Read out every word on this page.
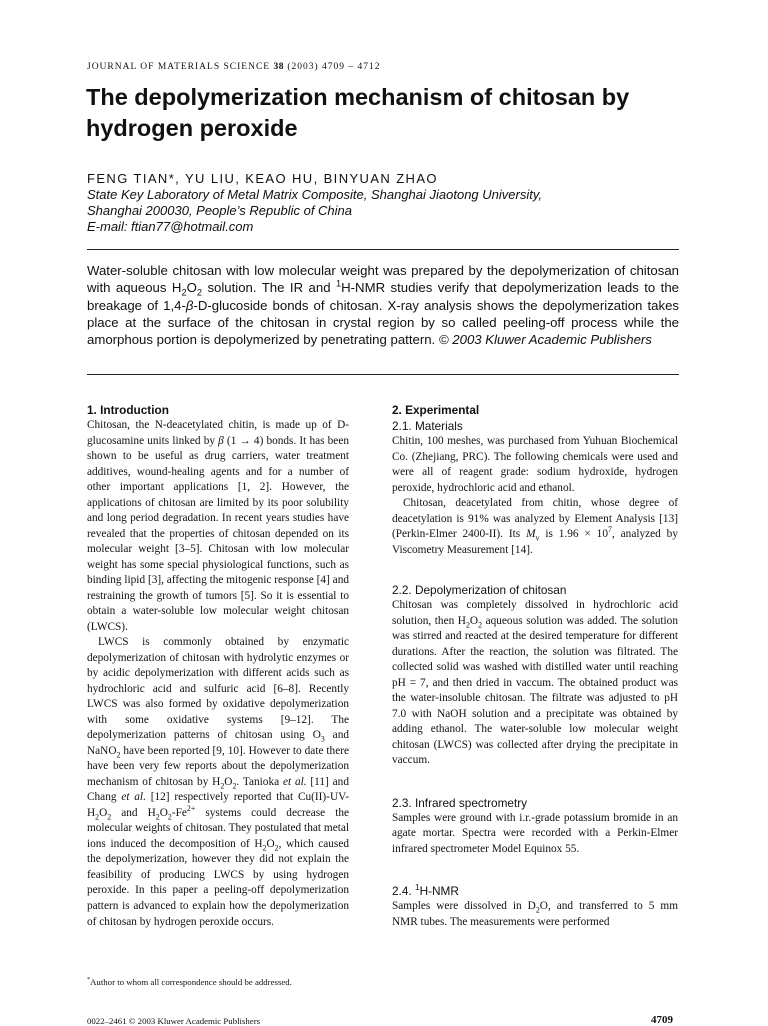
JOURNAL OF MATERIALS SCIENCE 38 (2003) 4709 – 4712
The depolymerization mechanism of chitosan by hydrogen peroxide
FENG TIAN*, YU LIU, KEAO HU, BINYUAN ZHAO
State Key Laboratory of Metal Matrix Composite, Shanghai Jiaotong University,
Shanghai 200030, People’s Republic of China
E-mail: ftian77@hotmail.com

Water-soluble chitosan with low molecular weight was prepared by the depolymerization of chitosan with aqueous $H_2O_2$ solution. The IR and $^1$H-NMR studies verify that depolymerization leads to the breakage of 1,4-β-D-glucoside bonds of chitosan. X-ray analysis shows the depolymerization takes place at the surface of the chitosan in crystal region by so called peeling-off process while the amorphous portion is depolymerized by penetrating pattern. © 2003 Kluwer Academic Publishers

1. Introduction

Chitosan, the N-deacetylated chitin, is made up of D-glucosamine units linked by β (1 → 4) bonds. It has been shown to be useful as drug carriers, water treatment additives, wound-healing agents and for a number of other important applications [1, 2]. However, the applications of chitosan are limited by its poor solubility and long period degradation. In recent years studies have revealed that the properties of chitosan depended on its molecular weight [3–5]. Chitosan with low molecular weight has some special physiological functions, such as binding lipid [3], affecting the mitogenic response [4] and restraining the growth of tumors [5]. So it is essential to obtain a water-soluble low molecular weight chitosan (LWCS).

LWCS is commonly obtained by enzymatic depolymerization of chitosan with hydrolytic enzymes or by acidic depolymerization with different acids such as hydrochloric acid and sulfuric acid [6–8]. Recently LWCS was also formed by oxidative depolymerization with some oxidative systems [9–12]. The depolymerization patterns of chitosan using $O_3$ and NaNO$_2$ have been reported [9, 10]. However to date there have been very few reports about the depolymerization mechanism of chitosan by $H_2O_2$. Tanioka et al. [11] and Chang et al. [12] respectively reported that $Cu(II)-UV-H_2O_2$ and $H_2O_2-Fe^{2+}$ systems could decrease the molecular weights of chitosan. They postulated that metal ions induced the decomposition of $H_2O_2$, which caused the depolymerization, however they did not explain the feasibility of producing LWCS by using hydrogen peroxide. In this paper a peeling-off depolymerization pattern is advanced to explain how the depolymerization of chitosan by hydrogen peroxide occurs.

2. Experimental
2.1. Materials

Chitin, 100 meshes, was purchased from Yuhuan Biochemical Co. (Zhejiang, PRC). The following chemicals were used and were all of reagent grade: sodium hydroxide, hydrogen peroxide, hydrochloric acid and ethanol.

Chitosan, deacetylated from chitin, whose degree of deacetylation is 91% was analyzed by Element Analysis [13] (Perkin-Elmer 2400-II). Its $M_v$ is $1.96 \times 10^7$, analyzed by Viscometry Measurement [14].

2.2. Depolymerization of chitosan

Chitosan was completely dissolved in hydrochloric acid solution, then $H_2O_2$ aqueous solution was added. The solution was stirred and reacted at the desired temperature for different durations. After the reaction, the solution was filtrated. The collected solid was washed with distilled water until reaching pH = 7, and then dried in vaccum. The obtained product was the water-insoluble chitosan. The filtrate was adjusted to pH 7.0 with NaOH solution and a precipitate was obtained by adding ethanol. The water-soluble low molecular weight chitosan (LWCS) was collected after drying the precipitate in vaccum.

2.3. Infrared spectrometry

Samples were ground with i.r.-grade potassium bromide in an agate mortar. Spectra were recorded with a Perkin-Elmer infrared spectrometer Model Equinox 55.

2.4. $^1$H-NMR

Samples were dissolved in $D_2O$, and transferred to 5 mm NMR tubes. The measurements were performed

*Author to whom all correspondence should be addressed.
0022–2461 © 2003 Kluwer Academic Publishers	4709
